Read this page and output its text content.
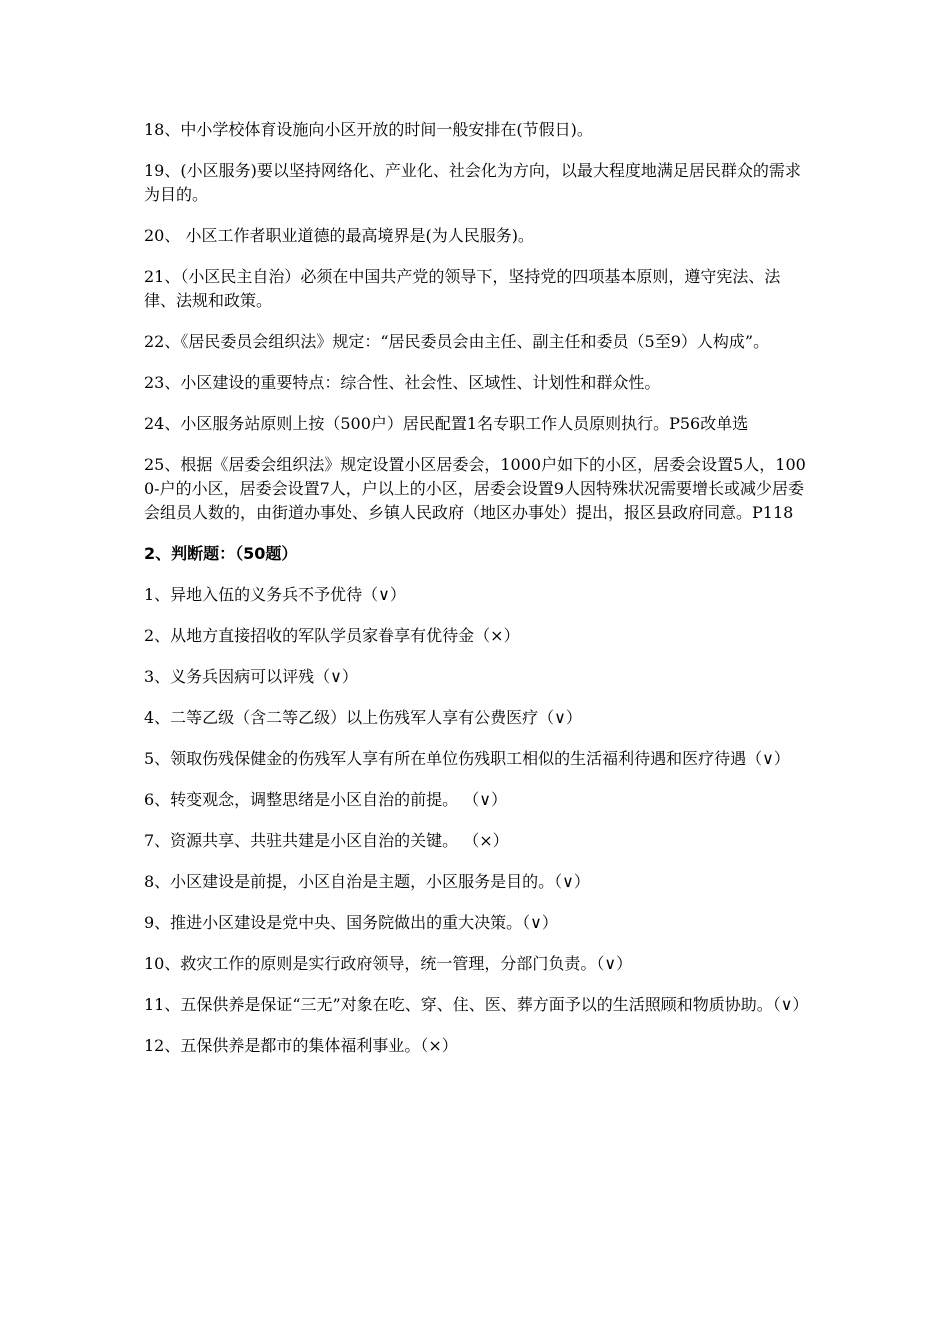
18、中小学校体育设施向小区开放的时间一般安排在(节假日)。

19、(小区服务)要以坚持网络化、产业化、社会化为方向，以最大程度地满足居民群众的需求为目的。

20、 小区工作者职业道德的最高境界是(为人民服务)。

21、（小区民主自治）必须在中国共产党的领导下，坚持党的四项基本原则，遵守宪法、法律、法规和政策。

22、《居民委员会组织法》规定：“居民委员会由主任、副主任和委员（5至9）人构成”。

23、小区建设的重要特点：综合性、社会性、区域性、计划性和群众性。

24、小区服务站原则上按（500户）居民配置1名专职工作人员原则执行。P56改单选

25、根据《居委会组织法》规定设置小区居委会，1000户如下的小区，居委会设置5人，1000-户的小区，居委会设置7人，户以上的小区，居委会设置9人因特殊状况需要增长或减少居委会组员人数的，由街道办事处、乡镇人民政府（地区办事处）提出，报区县政府同意。P118

2、判断题：（50题）

1、异地入伍的义务兵不予优待（∨）

2、从地方直接招收的军队学员家眷享有优待金（×）

3、义务兵因病可以评残（∨）

4、二等乙级（含二等乙级）以上伤残军人享有公费医疗（∨）

5、领取伤残保健金的伤残军人享有所在单位伤残职工相似的生活福利待遇和医疗待遇（∨）

6、转变观念，调整思绪是小区自治的前提。 （∨）

7、资源共享、共驻共建是小区自治的关键。 （×）

8、小区建设是前提，小区自治是主题，小区服务是目的。（∨）

9、推进小区建设是党中央、国务院做出的重大决策。（∨）

10、救灾工作的原则是实行政府领导，统一管理，分部门负责。（∨）

11、五保供养是保证“三无”对象在吃、穿、住、医、葬方面予以的生活照顾和物质协助。（∨）

12、五保供养是都市的集体福利事业。（×）
